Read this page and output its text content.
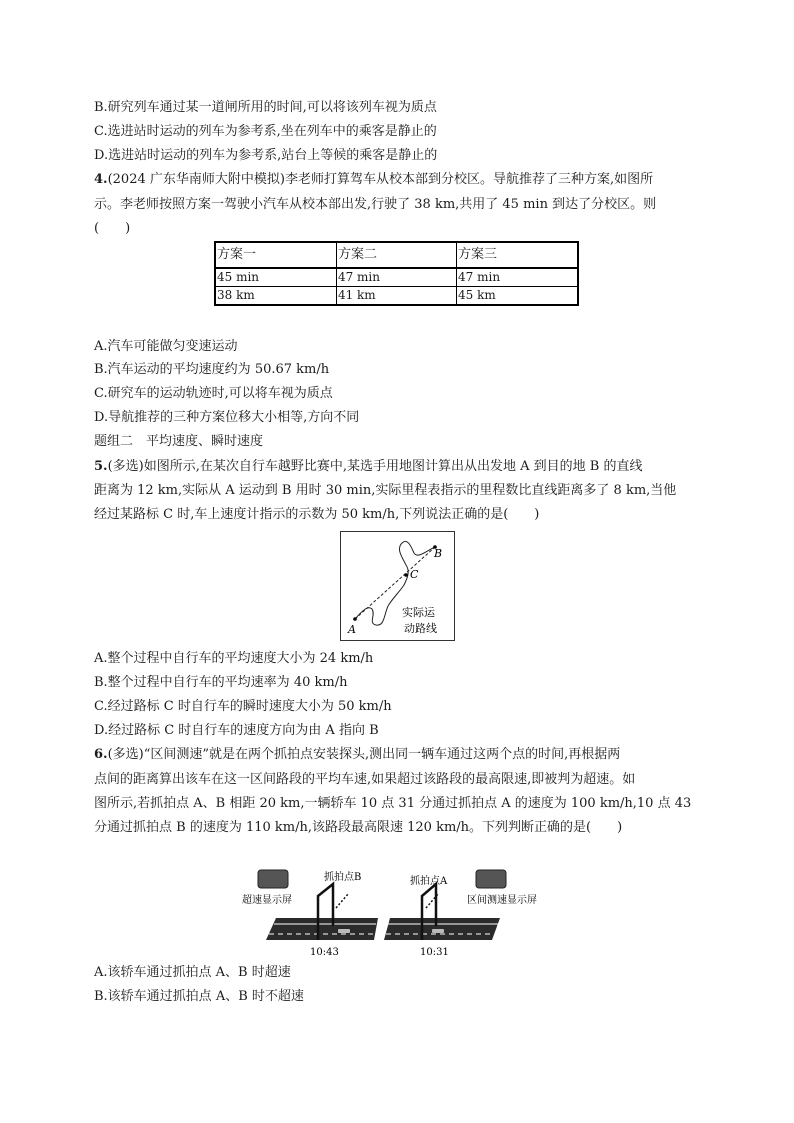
B.研究列车通过某一道闸所用的时间,可以将该列车视为质点
C.选进站时运动的列车为参考系,坐在列车中的乘客是静止的
D.选进站时运动的列车为参考系,站台上等候的乘客是静止的
4.(2024 广东华南师大附中模拟)李老师打算驾车从校本部到分校区。导航推荐了三种方案,如图所
示。李老师按照方案一驾驶小汽车从校本部出发,行驶了 38 km,共用了 45 min 到达了分校区。则
(　　)
方案一	方案二	方案三
45 min	47 min	47 min
38 km	41 km	45 km
A.汽车可能做匀变速运动
B.汽车运动的平均速度约为 50.67 km/h
C.研究车的运动轨迹时,可以将车视为质点
D.导航推荐的三种方案位移大小相等,方向不同
题组二　平均速度、瞬时速度
5.(多选)如图所示,在某次自行车越野比赛中,某选手用地图计算出从出发地 A 到目的地 B 的直线
距离为 12 km,实际从 A 运动到 B 用时 30 min,实际里程表指示的里程数比直线距离多了 8 km,当他
经过某路标 C 时,车上速度计指示的示数为 50 km/h,下列说法正确的是(　　)
A
B
C
实际运
动路线
A.整个过程中自行车的平均速度大小为 24 km/h
B.整个过程中自行车的平均速率为 40 km/h
C.经过路标 C 时自行车的瞬时速度大小为 50 km/h
D.经过路标 C 时自行车的速度方向为由 A 指向 B
6.(多选)“区间测速”就是在两个抓拍点安装探头,测出同一辆车通过这两个点的时间,再根据两
点间的距离算出该车在这一区间路段的平均车速,如果超过该路段的最高限速,即被判为超速。如
图所示,若抓拍点 A、B 相距 20 km,一辆轿车 10 点 31 分通过抓拍点 A 的速度为 100 km/h,10 点 43
分通过抓拍点 B 的速度为 110 km/h,该路段最高限速 120 km/h。下列判断正确的是(　　)
超速显示屏
抓拍点B
10:43
抓拍点A
10:31
区间测速显示屏
A.该轿车通过抓拍点 A、B 时超速
B.该轿车通过抓拍点 A、B 时不超速
